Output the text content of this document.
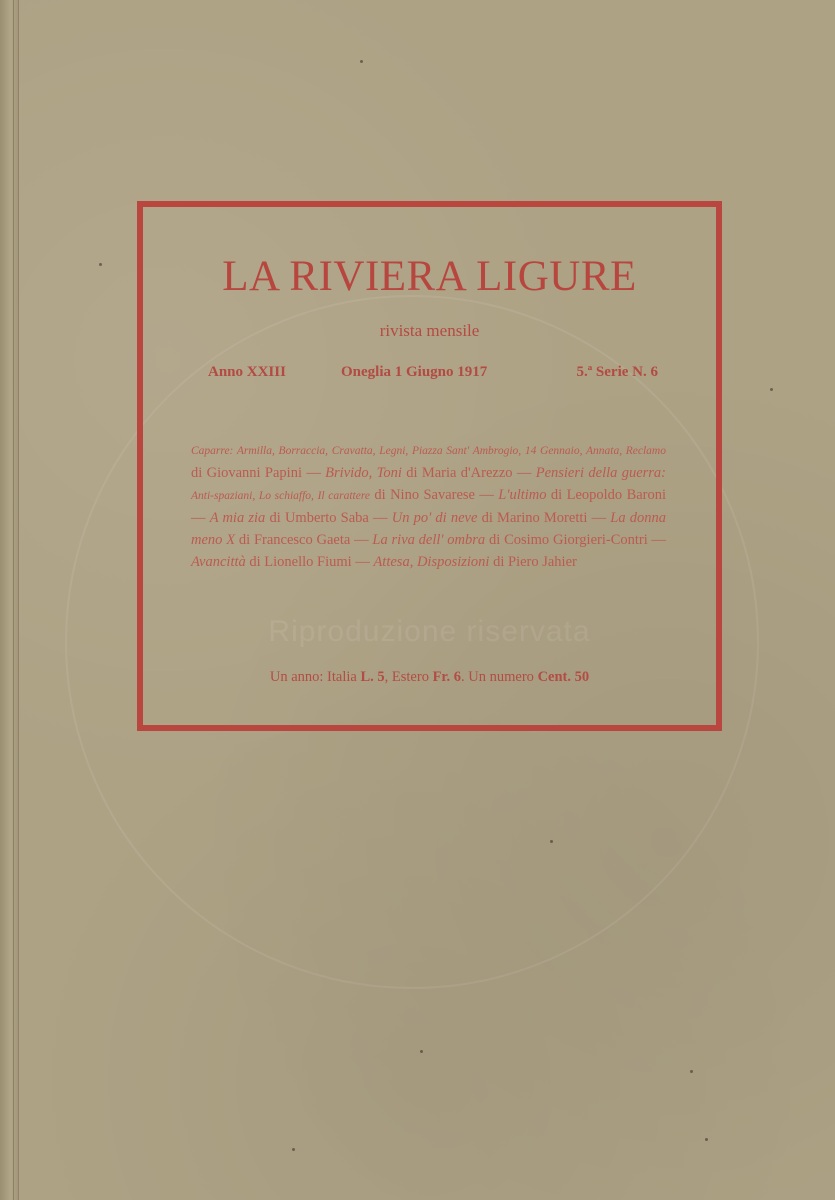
LA RIVIERA LIGURE
rivista mensile
Anno XXIII	Oneglia 1 Giugno 1917	5.ª Serie N. 6
Caparre: Armilla, Borraccia, Cravatta, Legni, Piazza Sant' Ambrogio, 14 Gennaio, Annata, Reclamo di Giovanni Papini — Brivido, Toni di Maria d'Arezzo — Pensieri della guerra: Anti-spaziani, Lo schiaffo, Il carattere di Nino Savarese — L'ultimo di Leopoldo Baroni — A mia zia di Umberto Saba — Un po' di neve di Marino Moretti — La donna meno X di Francesco Gaeta — La riva dell' ombra di Cosimo Giorgieri-Contri — Avancittà di Lionello Fiumi — Attesa, Disposizioni di Piero Jahier
Riproduzione riservata
Un anno: Italia L. 5, Estero Fr. 6. Un numero Cent. 50
